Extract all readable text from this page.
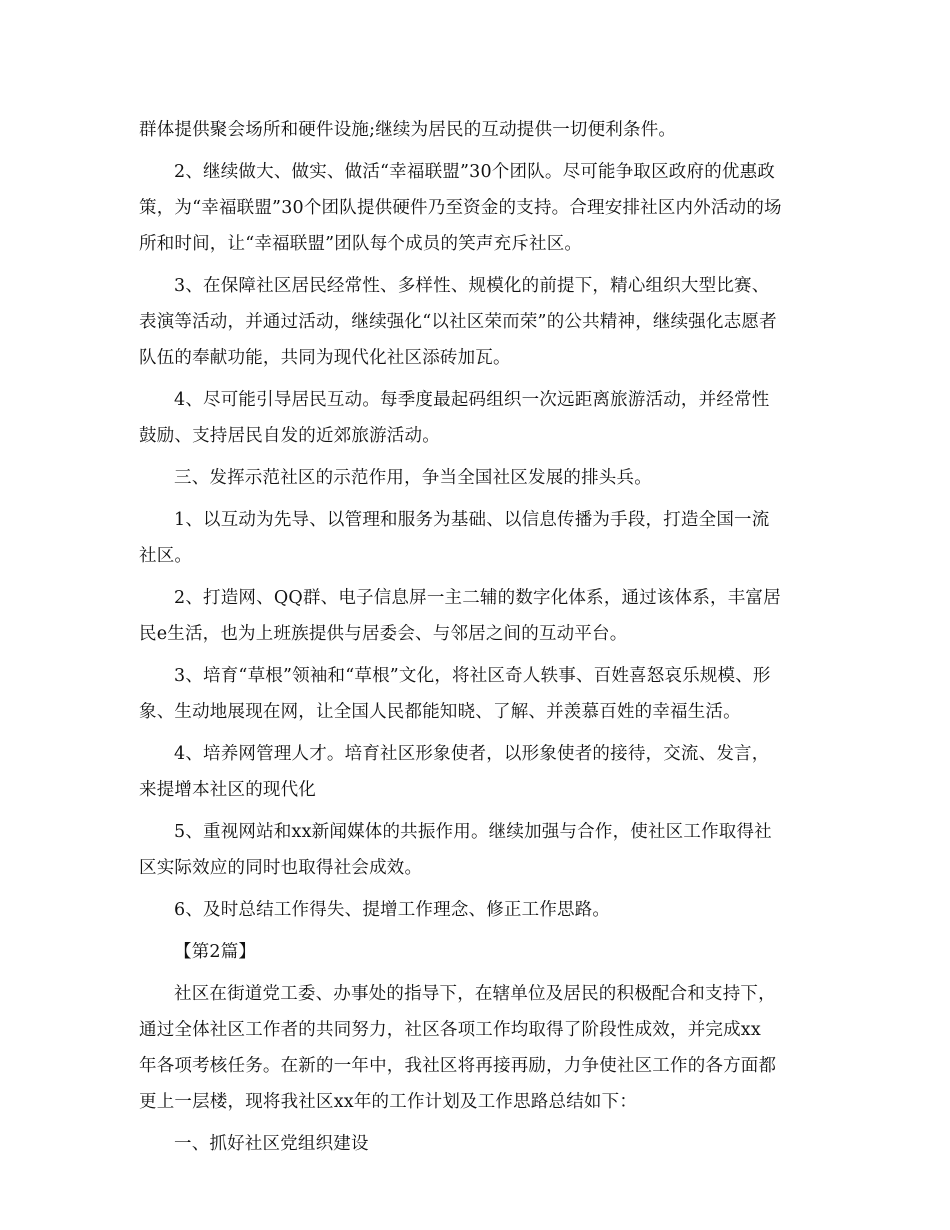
群体提供聚会场所和硬件设施;继续为居民的互动提供一切便利条件。
2、继续做大、做实、做活“幸福联盟”30个团队。尽可能争取区政府的优惠政
策，为“幸福联盟”30个团队提供硬件乃至资金的支持。合理安排社区内外活动的场
所和时间，让“幸福联盟”团队每个成员的笑声充斥社区。
3、在保障社区居民经常性、多样性、规模化的前提下，精心组织大型比赛、
表演等活动，并通过活动，继续强化“以社区荣而荣”的公共精神，继续强化志愿者
队伍的奉献功能，共同为现代化社区添砖加瓦。
4、尽可能引导居民互动。每季度最起码组织一次远距离旅游活动，并经常性
鼓励、支持居民自发的近郊旅游活动。
三、发挥示范社区的示范作用，争当全国社区发展的排头兵。
1、以互动为先导、以管理和服务为基础、以信息传播为手段，打造全国一流
社区。
2、打造网、QQ群、电子信息屏一主二辅的数字化体系，通过该体系，丰富居
民e生活，也为上班族提供与居委会、与邻居之间的互动平台。
3、培育“草根”领袖和“草根”文化，将社区奇人轶事、百姓喜怒哀乐规模、形
象、生动地展现在网，让全国人民都能知晓、了解、并羡慕百姓的幸福生活。
4、培养网管理人才。培育社区形象使者，以形象使者的接待，交流、发言，
来提增本社区的现代化
5、重视网站和xx新闻媒体的共振作用。继续加强与合作，使社区工作取得社
区实际效应的同时也取得社会成效。
6、及时总结工作得失、提增工作理念、修正工作思路。
【第2篇】
社区在街道党工委、办事处的指导下，在辖单位及居民的积极配合和支持下，
通过全体社区工作者的共同努力，社区各项工作均取得了阶段性成效，并完成xx
年各项考核任务。在新的一年中，我社区将再接再励，力争使社区工作的各方面都
更上一层楼，现将我社区xx年的工作计划及工作思路总结如下：
一、抓好社区党组织建设
